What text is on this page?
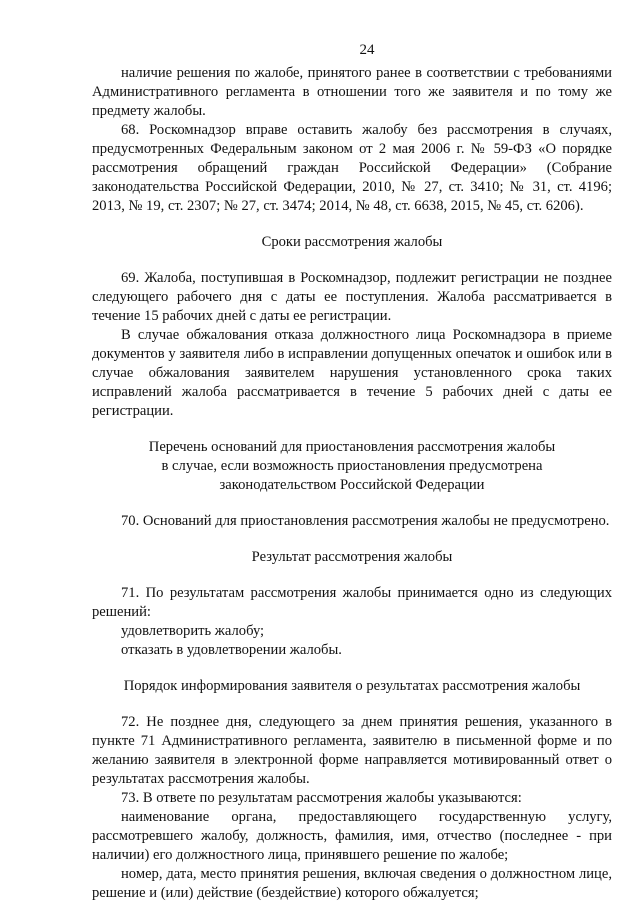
24

наличие решения по жалобе, принятого ранее в соответствии с требованиями Административного регламента в отношении того же заявителя и по тому же предмету жалобы.

68. Роскомнадзор вправе оставить жалобу без рассмотрения в случаях, предусмотренных Федеральным законом от 2 мая 2006 г. № 59-ФЗ «О порядке рассмотрения обращений граждан Российской Федерации» (Собрание законодательства Российской Федерации, 2010, № 27, ст. 3410; № 31, ст. 4196; 2013, № 19, ст. 2307; № 27, ст. 3474; 2014, № 48, ст. 6638, 2015, № 45, ст. 6206).

Сроки рассмотрения жалобы

69. Жалоба, поступившая в Роскомнадзор, подлежит регистрации не позднее следующего рабочего дня с даты ее поступления. Жалоба рассматривается в течение 15 рабочих дней с даты ее регистрации.

В случае обжалования отказа должностного лица Роскомнадзора в приеме документов у заявителя либо в исправлении допущенных опечаток и ошибок или в случае обжалования заявителем нарушения установленного срока таких исправлений жалоба рассматривается в течение 5 рабочих дней с даты ее регистрации.

Перечень оснований для приостановления рассмотрения жалобы

в случае, если возможность приостановления предусмотрена

законодательством Российской Федерации

70. Оснований для приостановления рассмотрения жалобы не предусмотрено.

Результат рассмотрения жалобы

71. По результатам рассмотрения жалобы принимается одно из следующих решений:

удовлетворить жалобу;

отказать в удовлетворении жалобы.

Порядок информирования заявителя о результатах рассмотрения жалобы

72. Не позднее дня, следующего за днем принятия решения, указанного в пункте 71 Административного регламента, заявителю в письменной форме и по желанию заявителя в электронной форме направляется мотивированный ответ о результатах рассмотрения жалобы.

73. В ответе по результатам рассмотрения жалобы указываются:

наименование органа, предоставляющего государственную услугу, рассмотревшего жалобу, должность, фамилия, имя, отчество (последнее - при наличии) его должностного лица, принявшего решение по жалобе;

номер, дата, место принятия решения, включая сведения о должностном лице, решение и (или) действие (бездействие) которого обжалуется;
